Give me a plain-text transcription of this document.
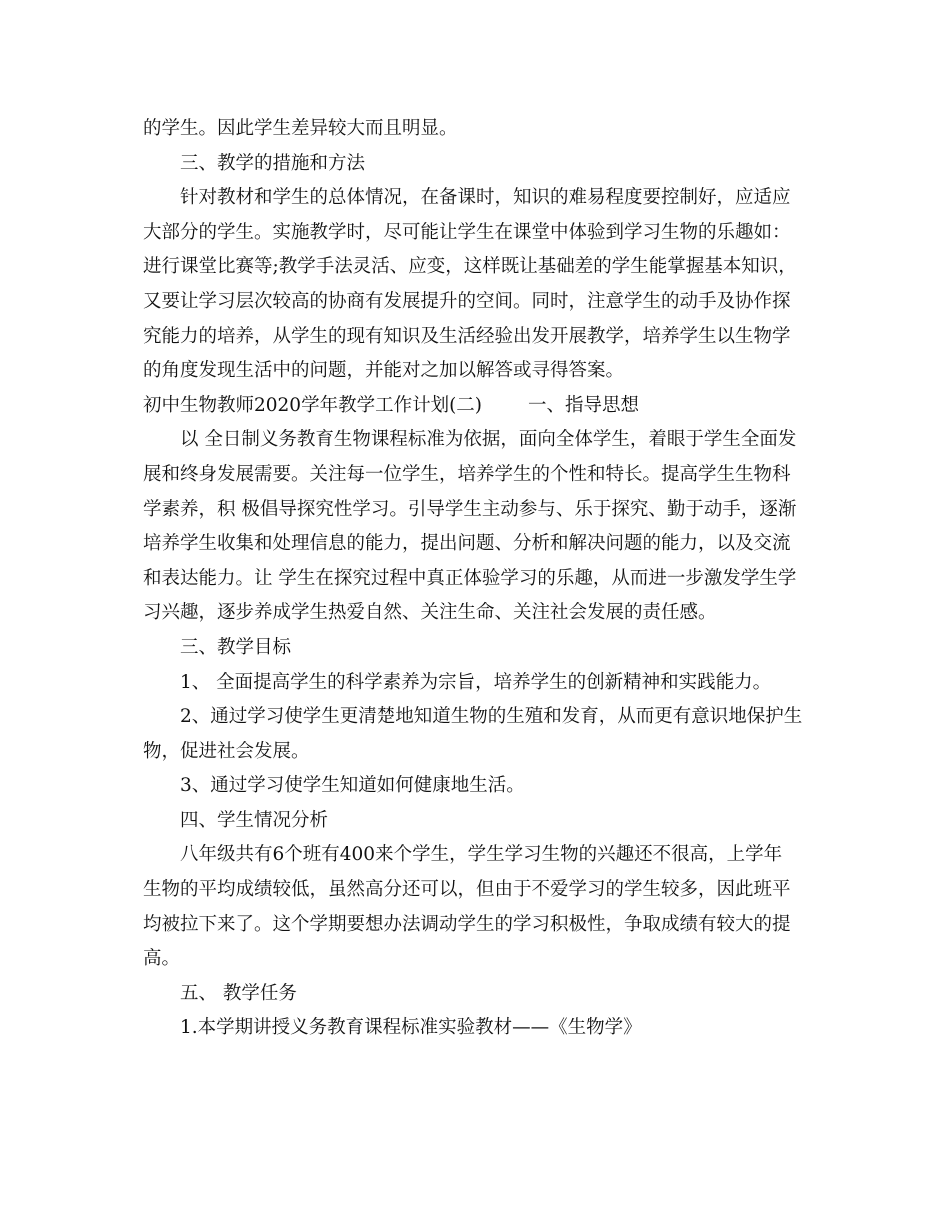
的学生。因此学生差异较大而且明显。
三、教学的措施和方法
针对教材和学生的总体情况，在备课时，知识的难易程度要控制好，应适应
大部分的学生。实施教学时，尽可能让学生在课堂中体验到学习生物的乐趣如：
进行课堂比赛等;教学手法灵活、应变，这样既让基础差的学生能掌握基本知识，
又要让学习层次较高的协商有发展提升的空间。同时，注意学生的动手及协作探
究能力的培养，从学生的现有知识及生活经验出发开展教学，培养学生以生物学
的角度发现生活中的问题，并能对之加以解答或寻得答案。
初中生物教师2020学年教学工作计划(二) 一、指导思想
以 全日制义务教育生物课程标准为依据，面向全体学生，着眼于学生全面发
展和终身发展需要。关注每一位学生，培养学生的个性和特长。提高学生生物科
学素养，积 极倡导探究性学习。引导学生主动参与、乐于探究、勤于动手，逐渐
培养学生收集和处理信息的能力，提出问题、分析和解决问题的能力，以及交流
和表达能力。让 学生在探究过程中真正体验学习的乐趣，从而进一步激发学生学
习兴趣，逐步养成学生热爱自然、关注生命、关注社会发展的责任感。
三、教学目标
1、 全面提高学生的科学素养为宗旨，培养学生的创新精神和实践能力。
2、通过学习使学生更清楚地知道生物的生殖和发育，从而更有意识地保护生
物，促进社会发展。
3、通过学习使学生知道如何健康地生活。
四、学生情况分析
八年级共有6个班有400来个学生，学生学习生物的兴趣还不很高，上学年
生物的平均成绩较低，虽然高分还可以，但由于不爱学习的学生较多，因此班平
均被拉下来了。这个学期要想办法调动学生的学习积极性，争取成绩有较大的提
高。
五、 教学任务
1.本学期讲授义务教育课程标准实验教材——《生物学》
